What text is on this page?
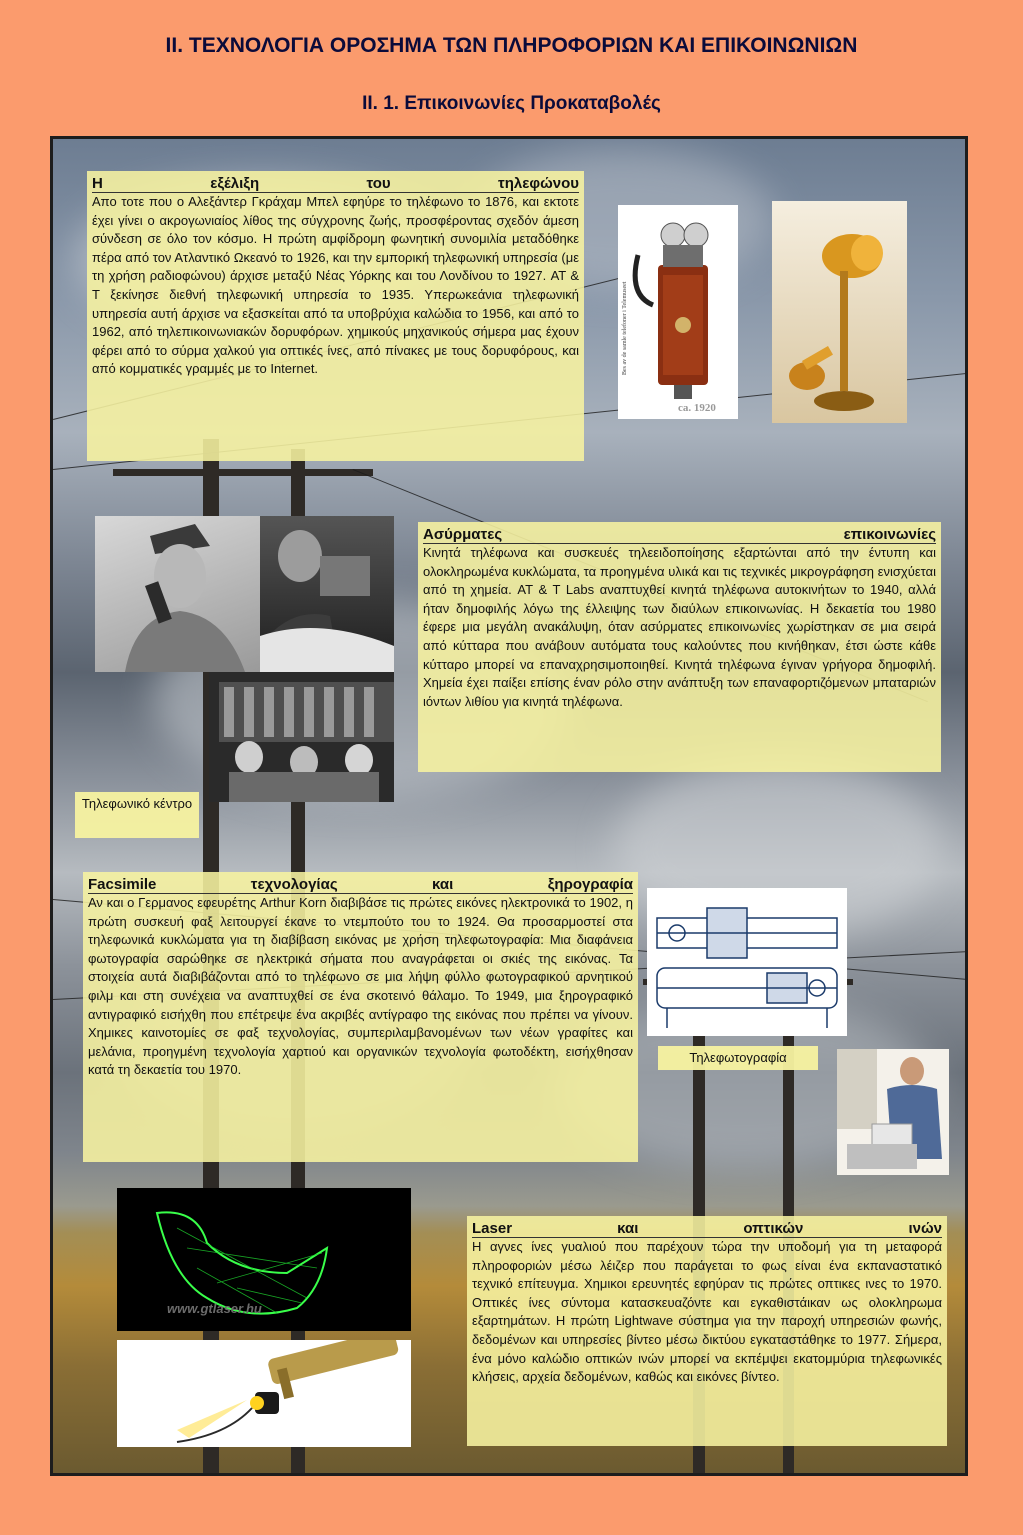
II. ΤΕΧΝΟΛΟΓΙΑ ΟΡΟΣΗΜΑ ΤΩΝ ΠΛΗΡΟΦΟΡΙΩΝ ΚΑΙ ΕΠΙΚΟΙΝΩΝΙΩΝ
II. 1. Επικοινωνίες Προκαταβολές
Η εξέλιξη του τηλεφώνου

Απο τοτε που ο Αλεξάντερ Γκράχαμ Μπελ εφηύρε το τηλέφωνο το 1876, και εκτοτε έχει γίνει ο ακρογωνιαίος λίθος της σύγχρονης ζωής, προσφέροντας σχεδόν άμεση σύνδεση σε όλο τον κόσμο. Η πρώτη αμφίδρομη φωνητική συνομιλία μεταδόθηκε πέρα από τον Ατλαντικό Ωκεανό το 1926, και την εμπορική τηλεφωνική υπηρεσία (με τη χρήση ραδιοφώνου) άρχισε μεταξύ Νέας Υόρκης και του Λονδίνου το 1927. AT & T ξεκίνησε διεθνή τηλεφωνική υπηρεσία το 1935. Υπερωκεάνια τηλεφωνική υπηρεσία αυτή άρχισε να εξασκείται από τα υποβρύχια καλώδια το 1956, και από το 1962, από τηλεπικοινωνιακών δορυφόρων. χημικούς μηχανικούς σήμερα μας έχουν φέρει από το σύρμα χαλκού για οπτικές ίνες, από πίνακες με τους δορυφόρους, και από κομματικές γραμμές με το Internet.

ca. 1920
Bes av de samle telefoner i Telemuseet
Ασύρματες επικοινωνίες

Κινητά τηλέφωνα και συσκευές τηλεειδοποίησης εξαρτώνται από την έντυπη και ολοκληρωμένα κυκλώματα, τα προηγμένα υλικά και τις τεχνικές μικρογράφηση ενισχύεται από τη χημεία. AT & T Labs αναπτυχθεί κινητά τηλέφωνα αυτοκινήτων το 1940, αλλά ήταν δημοφιλής λόγω της έλλειψης των διαύλων επικοινωνίας. Η δεκαετία του 1980 έφερε μια μεγάλη ανακάλυψη, όταν ασύρματες επικοινωνίες χωρίστηκαν σε μια σειρά από κύτταρα που ανάβουν αυτόματα τους καλούντες που κινήθηκαν, έτσι ώστε κάθε κύτταρο μπορεί να επαναχρησιμοποιηθεί. Κινητά τηλέφωνα έγιναν γρήγορα δημοφιλή. Χημεία έχει παίξει επίσης έναν ρόλο στην ανάπτυξη των επαναφορτιζόμενων μπαταριών ιόντων λιθίου για κινητά τηλέφωνα.

Τηλεφωνικό κέντρο
Facsimile τεχνολογίας και ξηρογραφία

Αν και ο Γερμανος εφευρέτης Arthur Korn διαβιβάσε τις πρώτες εικόνες ηλεκτρονικά το 1902, η πρώτη συσκευή φαξ λειτουργεί έκανε το ντεμπούτο του το 1924. Θα προσαρμοστεί στα τηλεφωνικά κυκλώματα για τη διαβίβαση εικόνας με χρήση τηλεφωτογραφία: Μια διαφάνεια φωτογραφία σαρώθηκε σε ηλεκτρικά σήματα που αναγράφεται οι σκιές της εικόνας. Τα στοιχεία αυτά διαβιβάζονται από το τηλέφωνο σε μια λήψη φύλλο φωτογραφικού αρνητικού φιλμ και στη συνέχεια να αναπτυχθεί σε ένα σκοτεινό θάλαμο. Το 1949, μια ξηρογραφικό αντιγραφικό εισήχθη που επέτρεψε ένα ακριβές αντίγραφο της εικόνας που πρέπει να γίνουν. Χημικες καινοτομίες σε φαξ τεχνολογίας, συμπεριλαμβανομένων των νέων γραφίτες και μελάνια, προηγμένη τεχνολογία χαρτιού και οργανικών τεχνολογία φωτοδέκτη, εισήχθησαν κατά τη δεκαετία του 1970.

Τηλεφωτογραφία
www.gtlaser.hu
Laser και οπτικών ινών

Η αγνες ίνες γυαλιού που παρέχουν τώρα την υποδομή για τη μεταφορά πληροφοριών μέσω λέιζερ που παράγεται το φως είναι ένα εκπαναστατικό τεχνικό επίτευγμα. Χημικοι ερευνητές εφηύραν τις πρώτες οπτικες ινες το 1970. Οπτικές ίνες σύντομα κατασκευαζόντε και εγκαθιστάικαν ως ολοκληρωμα εξαρτημάτων. Η πρώτη Lightwave σύστημα για την παροχή υπηρεσιών φωνής, δεδομένων και υπηρεσίες βίντεο μέσω δικτύου εγκαταστάθηκε το 1977. Σήμερα, ένα μόνο καλώδιο οπτικών ινών μπορεί να εκπέμψει εκατομμύρια τηλεφωνικές κλήσεις, αρχεία δεδομένων, καθώς και εικόνες βίντεο.
